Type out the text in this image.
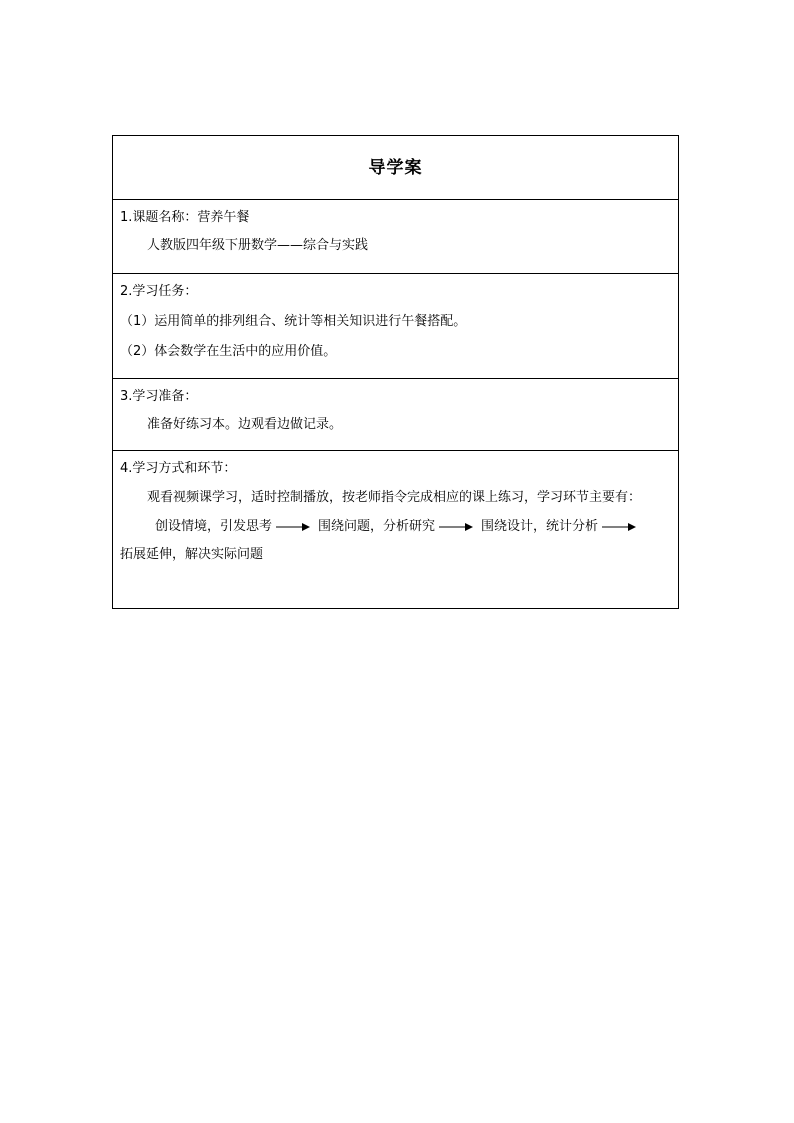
导学案
1.课题名称：营养午餐
人教版四年级下册数学——综合与实践
2.学习任务：
（1）运用简单的排列组合、统计等相关知识进行午餐搭配。
（2）体会数学在生活中的应用价值。
3.学习准备：
准备好练习本。边观看边做记录。
4.学习方式和环节：
观看视频课学习，适时控制播放，按老师指令完成相应的课上练习，学习环节主要有：
创设情境，引发思考	围绕问题，分析研究	围绕设计，统计分析
拓展延伸，解决实际问题
